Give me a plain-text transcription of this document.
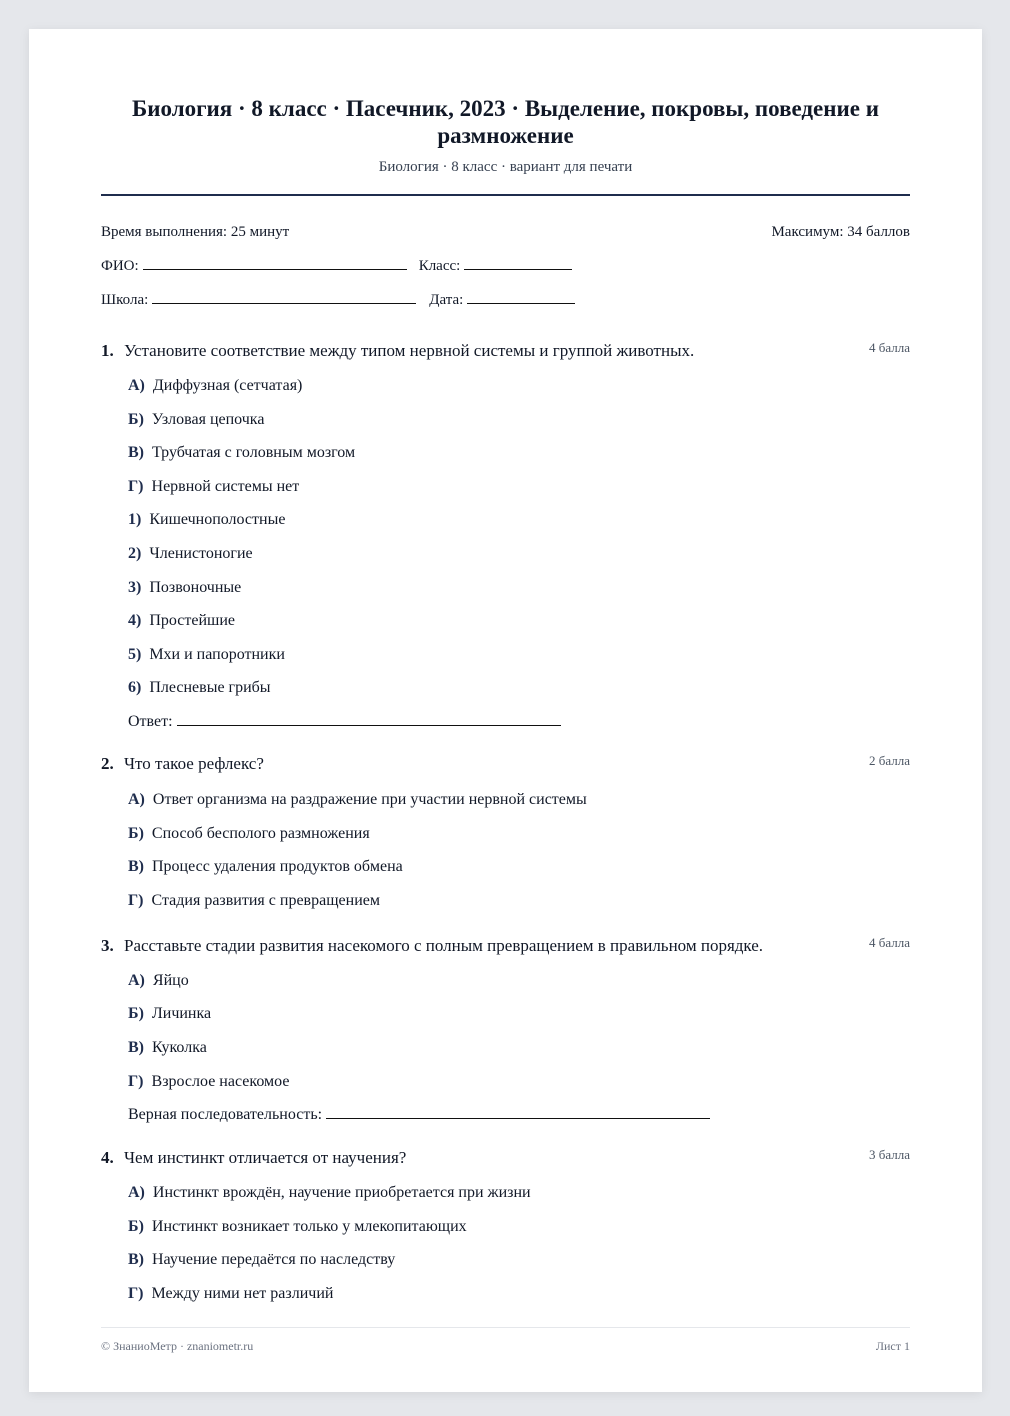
Биология · 8 класс · Пасечник, 2023 · Выделение, покровы, поведение и размножение
Биология · 8 класс · вариант для печати
Время выполнения: 25 минут	Максимум: 34 баллов
ФИО:	Класс:
Школа:	Дата:
1. Установите соответствие между типом нервной системы и группой животных.	4 балла
А) Диффузная (сетчатая)
Б) Узловая цепочка
В) Трубчатая с головным мозгом
Г) Нервной системы нет
1) Кишечнополостные
2) Членистоногие
3) Позвоночные
4) Простейшие
5) Мхи и папоротники
6) Плесневые грибы
Ответ:
2. Что такое рефлекс?	2 балла
А) Ответ организма на раздражение при участии нервной системы
Б) Способ бесполого размножения
В) Процесс удаления продуктов обмена
Г) Стадия развития с превращением
3. Расставьте стадии развития насекомого с полным превращением в правильном порядке.	4 балла
А) Яйцо
Б) Личинка
В) Куколка
Г) Взрослое насекомое
Верная последовательность:
4. Чем инстинкт отличается от научения?	3 балла
А) Инстинкт врождён, научение приобретается при жизни
Б) Инстинкт возникает только у млекопитающих
В) Научение передаётся по наследству
Г) Между ними нет различий
© ЗнаниоМетр · znaniometr.ru	Лист 1
